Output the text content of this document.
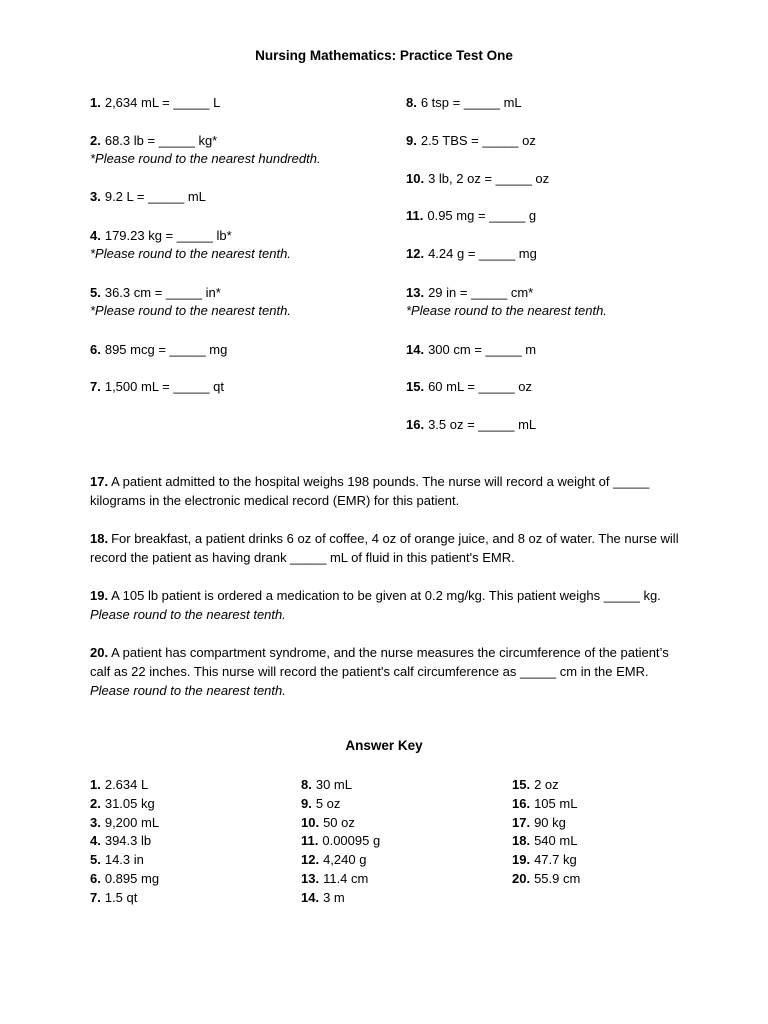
Nursing Mathematics: Practice Test One
1. 2,634 mL = _____ L
2. 68.3 lb = _____ kg*
*Please round to the nearest hundredth.
3. 9.2 L = _____ mL
4. 179.23 kg = _____ lb*
*Please round to the nearest tenth.
5. 36.3 cm = _____ in*
*Please round to the nearest tenth.
6. 895 mcg = _____ mg
7. 1,500 mL = _____ qt
8. 6 tsp = _____ mL
9. 2.5 TBS = _____ oz
10. 3 lb, 2 oz = _____ oz
11. 0.95 mg = _____ g
12. 4.24 g = _____ mg
13. 29 in = _____ cm*
*Please round to the nearest tenth.
14. 300 cm = _____ m
15. 60 mL = _____ oz
16. 3.5 oz = _____ mL
17. A patient admitted to the hospital weighs 198 pounds. The nurse will record a weight of _____ kilograms in the electronic medical record (EMR) for this patient.
18. For breakfast, a patient drinks 6 oz of coffee, 4 oz of orange juice, and 8 oz of water. The nurse will record the patient as having drank _____ mL of fluid in this patient's EMR.
19. A 105 lb patient is ordered a medication to be given at 0.2 mg/kg. This patient weighs _____ kg. Please round to the nearest tenth.
20. A patient has compartment syndrome, and the nurse measures the circumference of the patient’s calf as 22 inches. This nurse will record the patient's calf circumference as _____ cm in the EMR. Please round to the nearest tenth.
Answer Key
1. 2.634 L
2. 31.05 kg
3. 9,200 mL
4. 394.3 lb
5. 14.3 in
6. 0.895 mg
7. 1.5 qt
8. 30 mL
9. 5 oz
10. 50 oz
11. 0.00095 g
12. 4,240 g
13. 11.4 cm
14. 3 m
15. 2 oz
16. 105 mL
17. 90 kg
18. 540 mL
19. 47.7 kg
20. 55.9 cm
